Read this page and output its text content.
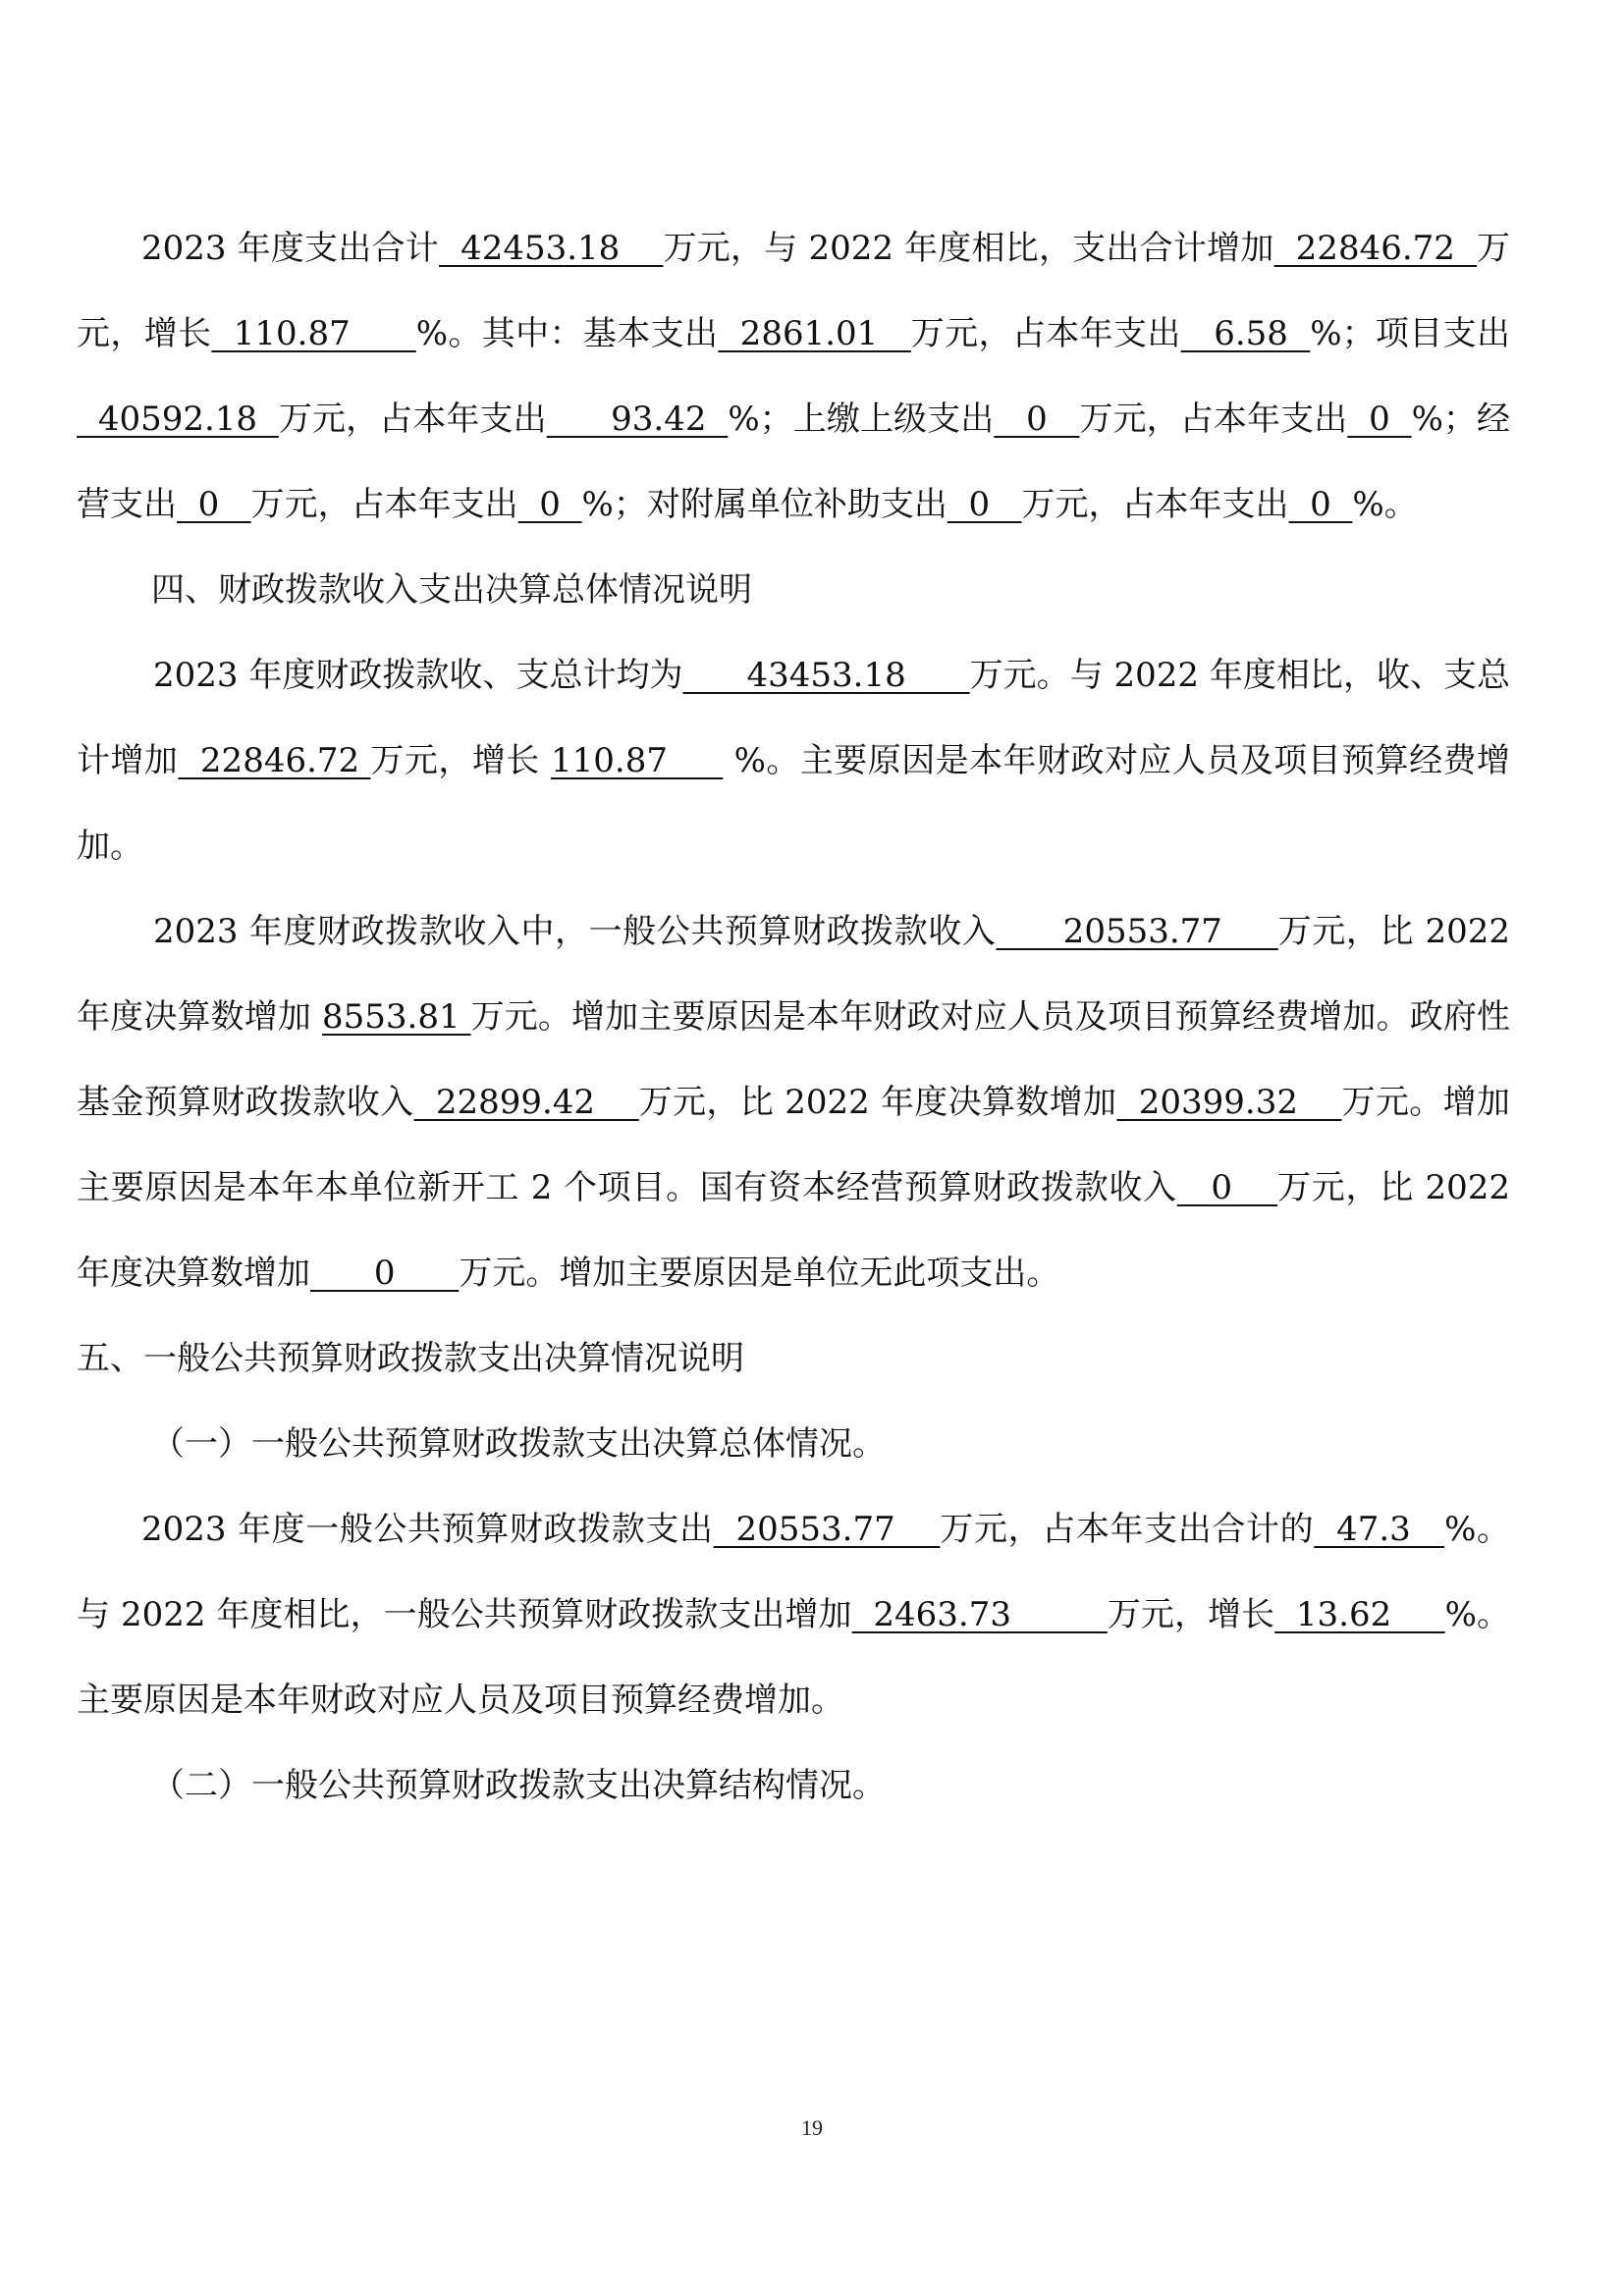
2023 年度支出合计  42453.18    万元，与 2022 年度相比，支出合计增加  22846.72  万元，增长  110.87      %。其中：基本支出  2861.01   万元，占本年支出   6.58  %；项目支出  40592.18  万元，占本年支出      93.42  %；上缴上级支出   0   万元，占本年支出  0  %；经营支出  0   万元，占本年支出  0  %；对附属单位补助支出  0   万元，占本年支出  0  %。

四、财政拨款收入支出决算总体情况说明

2023 年度财政拨款收、支总计均为      43453.18      万元。与 2022 年度相比，收、支总计增加  22846.72 万元，增长 110.87      %。主要原因是本年财政对应人员及项目预算经费增加。

2023 年度财政拨款收入中，一般公共预算财政拨款收入      20553.77     万元，比 2022 年度决算数增加 8553.81 万元。增加主要原因是本年财政对应人员及项目预算经费增加。政府性基金预算财政拨款收入  22899.42    万元，比 2022 年度决算数增加  20399.32    万元。增加主要原因是本年本单位新开工 2 个项目。国有资本经营预算财政拨款收入   0    万元，比 2022 年度决算数增加      0      万元。增加主要原因是单位无此项支出。

五、一般公共预算财政拨款支出决算情况说明

（一）一般公共预算财政拨款支出决算总体情况。

2023 年度一般公共预算财政拨款支出  20553.77    万元，占本年支出合计的  47.3   %。与 2022 年度相比，一般公共预算财政拨款支出增加  2463.73         万元，增长  13.62     %。主要原因是本年财政对应人员及项目预算经费增加。

（二）一般公共预算财政拨款支出决算结构情况。

19
